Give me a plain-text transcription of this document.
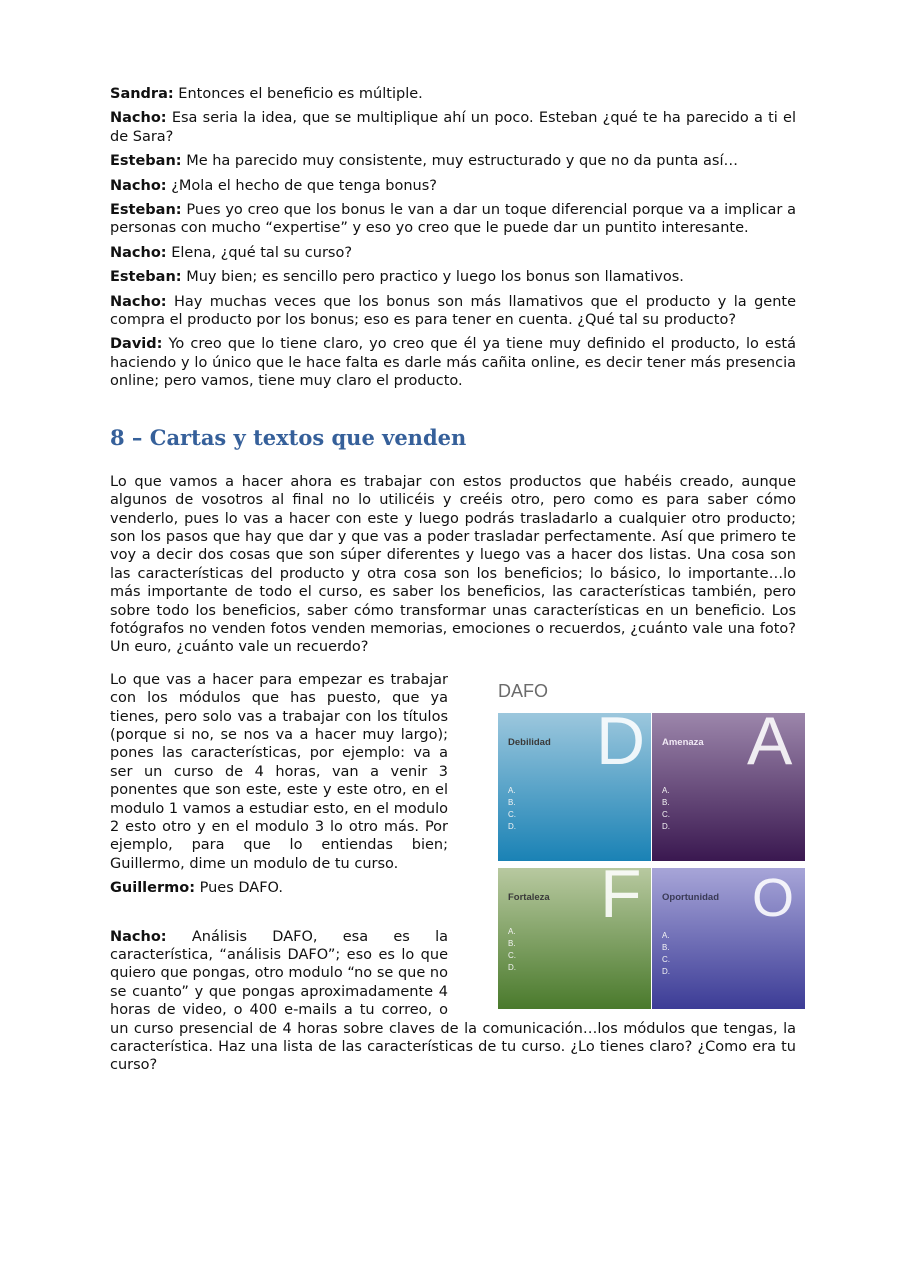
Sandra: Entonces el beneficio es múltiple.

Nacho: Esa seria la idea, que se multiplique ahí un poco. Esteban ¿qué te ha parecido a ti el de Sara?

Esteban: Me ha parecido muy consistente, muy estructurado y que no da punta así…

Nacho: ¿Mola el hecho de que tenga bonus?

Esteban: Pues yo creo que los bonus le van a dar un toque diferencial porque va a implicar a personas con mucho “expertise” y eso yo creo que le puede dar un puntito interesante.

Nacho: Elena, ¿qué tal su curso?

Esteban: Muy bien; es sencillo pero practico y luego los bonus son llamativos.

Nacho: Hay muchas veces que los bonus son más llamativos que el producto y la gente compra el producto por los bonus; eso es para tener en cuenta. ¿Qué tal su producto?

David: Yo creo que lo tiene claro, yo creo que él ya tiene muy definido el producto, lo está haciendo y lo único que le hace falta es darle más cañita online, es decir tener más presencia online; pero vamos, tiene muy claro el producto.

8 – Cartas y textos que venden

Lo que vamos a hacer ahora es trabajar con estos productos que habéis creado, aunque algunos de vosotros al final no lo utilicéis y creéis otro, pero como es para saber cómo venderlo, pues lo vas a hacer con este y luego podrás trasladarlo a cualquier otro producto; son los pasos que hay que dar y que vas a poder trasladar perfectamente. Así que primero te voy a decir dos cosas que son súper diferentes y luego vas a hacer dos listas. Una cosa son las características del producto y otra cosa son los beneficios; lo básico, lo importante…lo más importante de todo el curso, es saber los beneficios, las características también, pero sobre todo los beneficios, saber cómo transformar unas características en un beneficio. Los fotógrafos no venden fotos venden memorias, emociones o recuerdos, ¿cuánto vale una foto? Un euro, ¿cuánto vale un recuerdo?

DAFO
D
Debilidad
A.
B.
C.
D.
A
Amenaza
A.
B.
C.
D.
F
Fortaleza
A.
B.
C.
D.
O
Oportunidad
A.
B.
C.
D.

Lo que vas a hacer para empezar es trabajar con los módulos que has puesto, que ya tienes, pero solo vas a trabajar con los títulos (porque si no, se nos va a hacer muy largo); pones las características, por ejemplo: va a ser un curso de 4 horas, van a venir 3 ponentes que son este, este y este otro, en el modulo 1 vamos a estudiar esto, en el modulo 2 esto otro y en el modulo 3 lo otro más. Por ejemplo, para que lo entiendas bien; Guillermo, dime un modulo de tu curso.

Guillermo: Pues DAFO.

Nacho: Análisis DAFO, esa es la característica, “análisis DAFO”; eso es lo que quiero que pongas, otro modulo “no se que no se cuanto” y que pongas aproximadamente 4 horas de video, o 400 e-mails a tu correo, o un curso presencial de 4 horas sobre claves de la comunicación…los módulos que tengas, la característica. Haz una lista de las características de tu curso. ¿Lo tienes claro? ¿Como era tu curso?
